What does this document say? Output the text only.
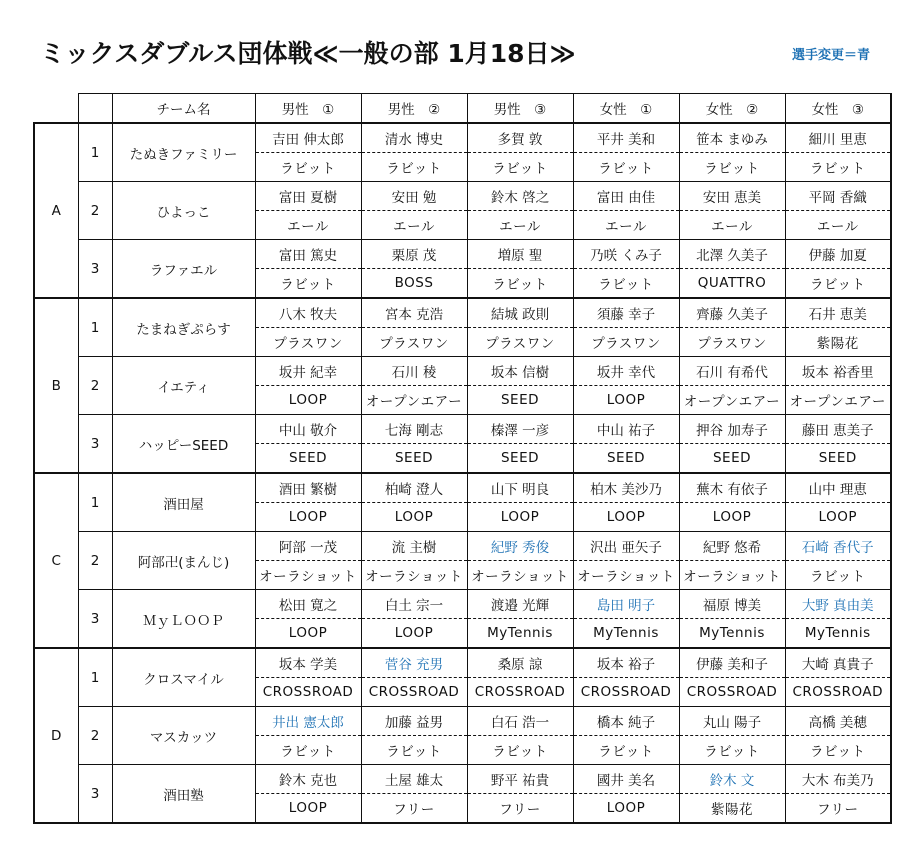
ミックスダブルス団体戦≪一般の部 1月18日≫	選手変更＝青
		チーム名	男性　①	男性　②	男性　③	女性　①	女性　②	女性　③
A	1	たぬきファミリー	吉田 伸太郎	清水 博史	多賀 敦	平井 美和	笹本 まゆみ	細川 里恵
			ラビット	ラビット	ラビット	ラビット	ラビット	ラビット
	2	ひよっこ	富田 夏樹	安田 勉	鈴木 啓之	富田 由佳	安田 恵美	平岡 香織
			エール	エール	エール	エール	エール	エール
	3	ラファエル	富田 篤史	栗原 茂	増原 聖	乃咲 くみ子	北澤 久美子	伊藤 加夏
			ラビット	BOSS	ラビット	ラビット	QUATTRO	ラビット
B	1	たまねぎぷらす	八木 牧夫	宮本 克浩	結城 政則	須藤 幸子	齊藤 久美子	石井 恵美
			プラスワン	プラスワン	プラスワン	プラスワン	プラスワン	紫陽花
	2	イエティ	坂井 紀幸	石川 稜	坂本 信樹	坂井 幸代	石川 有希代	坂本 裕香里
			LOOP	オープンエアー	SEED	LOOP	オープンエアー	オープンエアー
	3	ハッピーSEED	中山 敬介	七海 剛志	榛澤 一彦	中山 祐子	押谷 加寿子	藤田 恵美子
			SEED	SEED	SEED	SEED	SEED	SEED
C	1	酒田屋	酒田 繁樹	柏崎 澄人	山下 明良	柏木 美沙乃	蕪木 有依子	山中 理恵
			LOOP	LOOP	LOOP	LOOP	LOOP	LOOP
	2	阿部卍(まんじ)	阿部 一茂	流 主樹	紀野 秀俊	沢出 亜矢子	紀野 悠希	石崎 香代子
			オーラショット	オーラショット	オーラショット	オーラショット	オーラショット	ラビット
	3	ＭｙＬＯＯＰ	松田 寛之	白土 宗一	渡邉 光輝	島田 明子	福原 博美	大野 真由美
			LOOP	LOOP	MyTennis	MyTennis	MyTennis	MyTennis
D	1	クロスマイル	坂本 学美	菅谷 充男	桑原 諒	坂本 裕子	伊藤 美和子	大崎 真貴子
			CROSSROAD	CROSSROAD	CROSSROAD	CROSSROAD	CROSSROAD	CROSSROAD
	2	マスカッツ	井出 憲太郎	加藤 益男	白石 浩一	橋本 純子	丸山 陽子	高橋 美穂
			ラビット	ラビット	ラビット	ラビット	ラビット	ラビット
	3	酒田塾	鈴木 克也	土屋 雄太	野平 祐貴	國井 美名	鈴木 文	大木 布美乃
			LOOP	フリー	フリー	LOOP	紫陽花	フリー
